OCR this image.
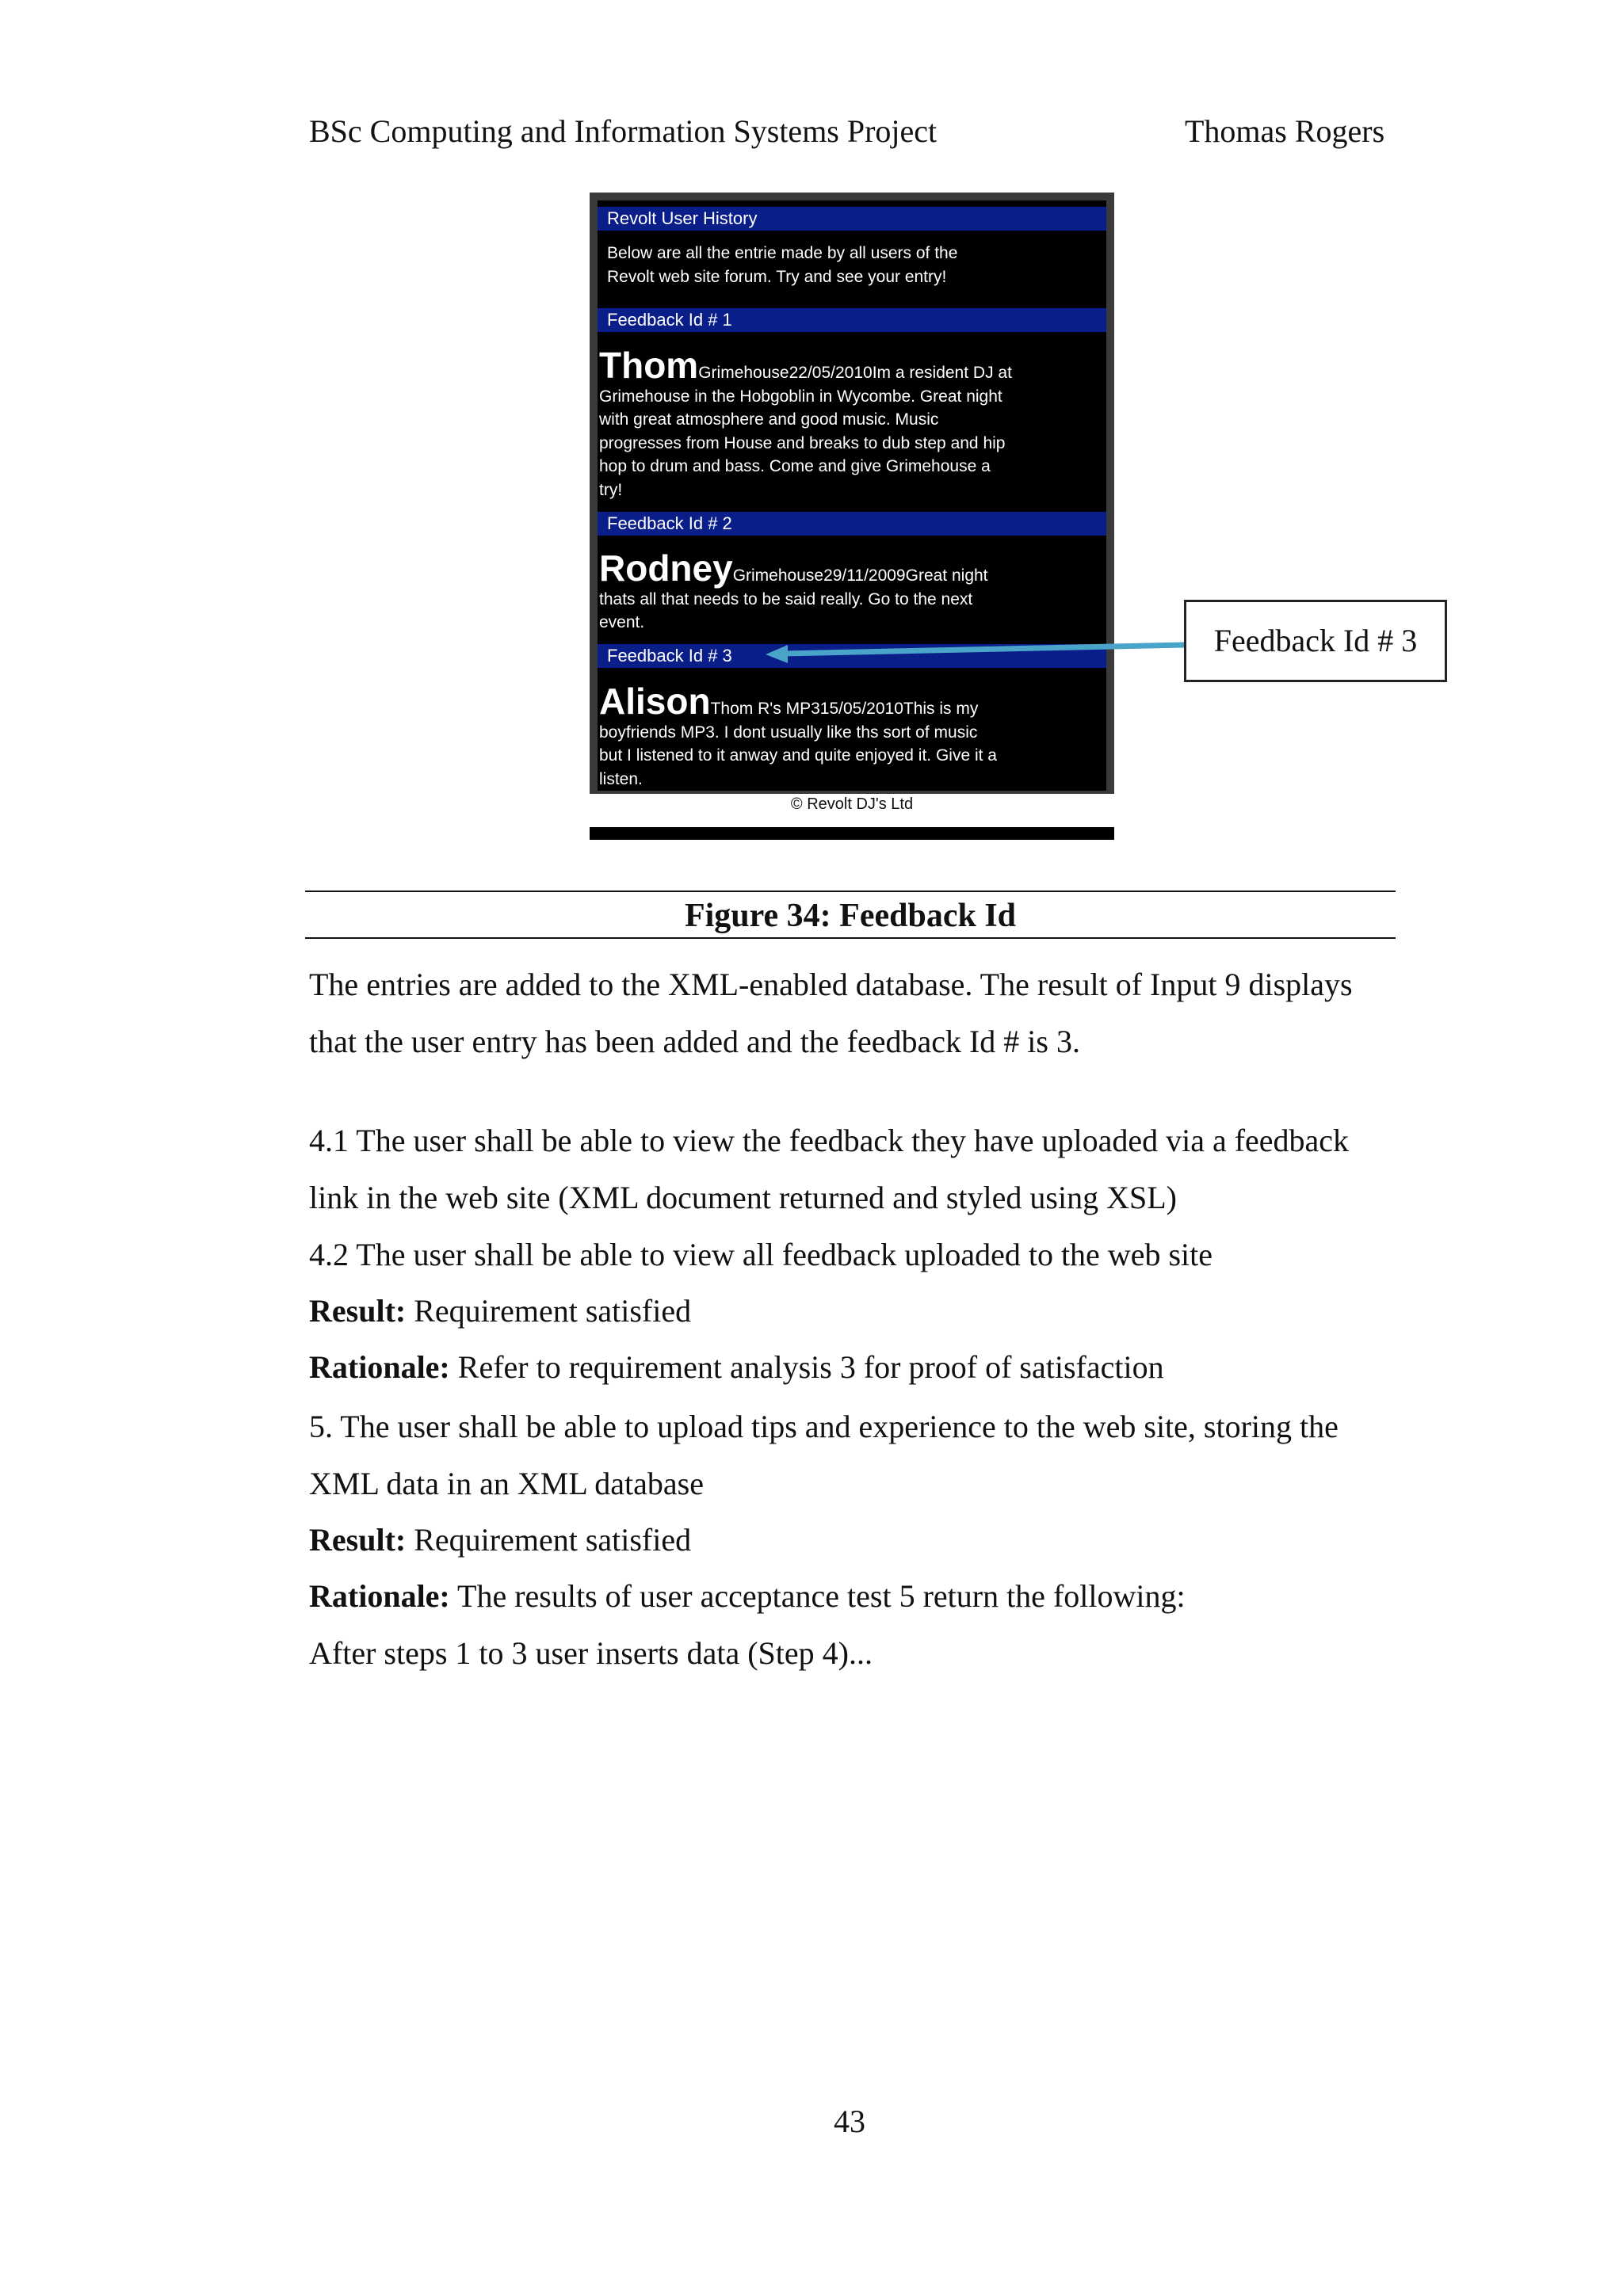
BSc Computing and Information Systems Project	Thomas Rogers
Revolt User History
Below are all the entrie made by all users of the
Revolt web site forum. Try and see your entry!
Feedback Id # 1
ThomGrimehouse22/05/2010Im a resident DJ at
Grimehouse in the Hobgoblin in Wycombe. Great night
with great atmosphere and good music. Music
progresses from House and breaks to dub step and hip
hop to drum and bass. Come and give Grimehouse a
try!
Feedback Id # 2
RodneyGrimehouse29/11/2009Great night
thats all that needs to be said really. Go to the next
event.
Feedback Id # 3
AlisonThom R's MP315/05/2010This is my
boyfriends MP3. I dont usually like ths sort of music
but I listened to it anway and quite enjoyed it. Give it a
listen.
© Revolt DJ's Ltd
Feedback Id # 3
Figure 34: Feedback Id
The entries are added to the XML-enabled database. The result of Input 9 displays
that the user entry has been added and the feedback Id # is 3.
4.1 The user shall be able to view the feedback they have uploaded via a feedback
link in the web site (XML document returned and styled using XSL)
4.2 The user shall be able to view all feedback uploaded to the web site
Result: Requirement satisfied
Rationale: Refer to requirement analysis 3 for proof of satisfaction
5. The user shall be able to upload tips and experience to the web site, storing the
XML data in an XML database
Result: Requirement satisfied
Rationale: The results of user acceptance test 5 return the following:
After steps 1 to 3 user inserts data (Step 4)...
43
